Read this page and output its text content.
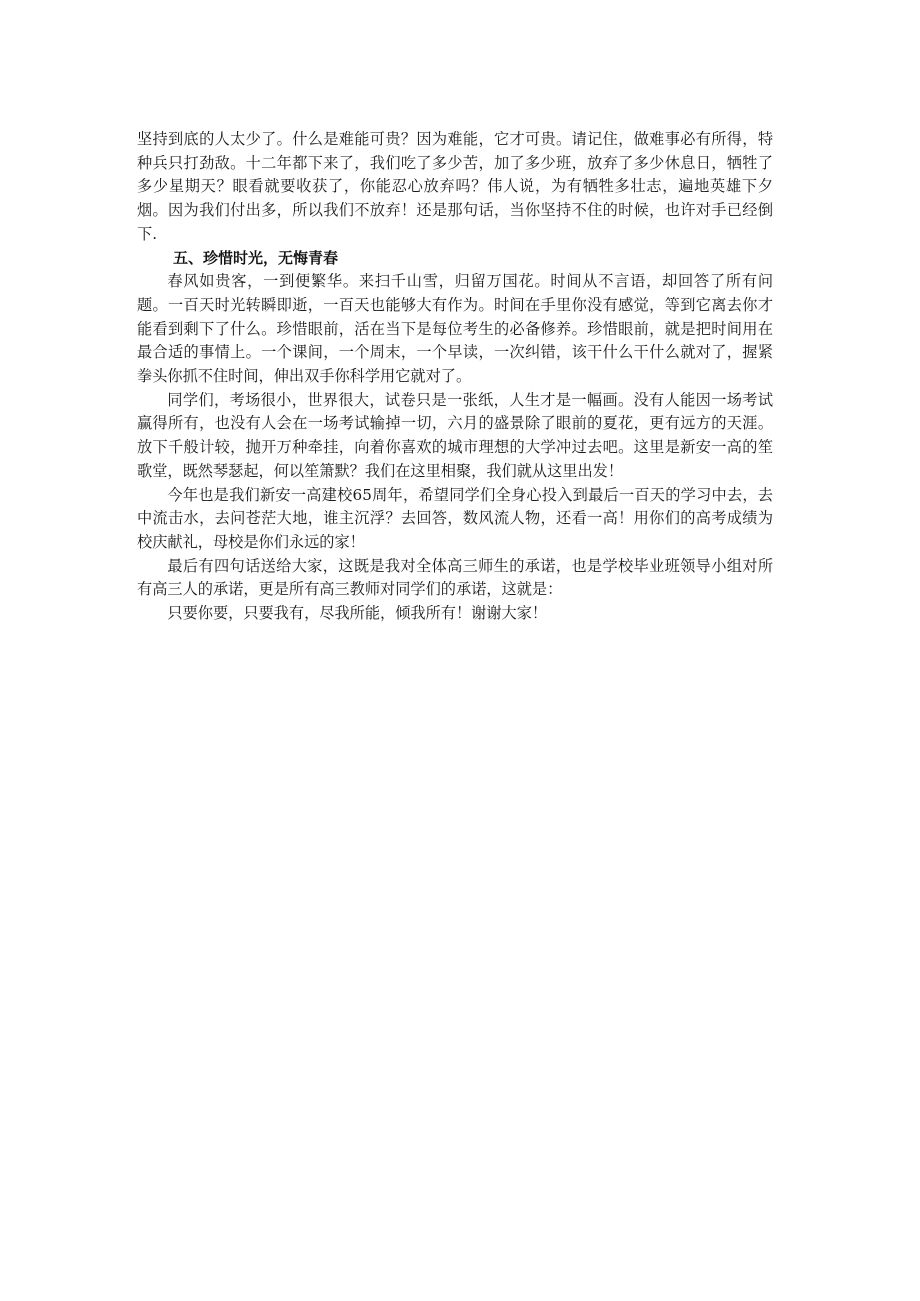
坚持到底的人太少了。什么是难能可贵？因为难能，它才可贵。请记住，做难事必有所得，特种兵只打劲敌。十二年都下来了，我们吃了多少苦，加了多少班，放弃了多少休息日，牺牲了多少星期天？眼看就要收获了，你能忍心放弃吗？伟人说，为有牺牲多壮志，遍地英雄下夕烟。因为我们付出多，所以我们不放弃！还是那句话，当你坚持不住的时候，也许对手已经倒下.

五、珍惜时光，无悔青春

春风如贵客，一到便繁华。来扫千山雪，归留万国花。时间从不言语，却回答了所有问题。一百天时光转瞬即逝，一百天也能够大有作为。时间在手里你没有感觉，等到它离去你才能看到剩下了什么。珍惜眼前，活在当下是每位考生的必备修养。珍惜眼前，就是把时间用在最合适的事情上。一个课间，一个周末，一个早读，一次纠错，该干什么干什么就对了，握紧拳头你抓不住时间，伸出双手你科学用它就对了。

同学们，考场很小，世界很大，试卷只是一张纸，人生才是一幅画。没有人能因一场考试赢得所有，也没有人会在一场考试输掉一切，六月的盛景除了眼前的夏花，更有远方的天涯。放下千般计较，抛开万种牵挂，向着你喜欢的城市理想的大学冲过去吧。这里是新安一高的笙歌堂，既然琴瑟起，何以笙箫默？我们在这里相聚，我们就从这里出发！

今年也是我们新安一高建校65周年，希望同学们全身心投入到最后一百天的学习中去，去中流击水，去问苍茫大地，谁主沉浮？去回答，数风流人物，还看一高！用你们的高考成绩为校庆献礼，母校是你们永远的家！

最后有四句话送给大家，这既是我对全体高三师生的承诺，也是学校毕业班领导小组对所有高三人的承诺，更是所有高三教师对同学们的承诺，这就是：

只要你要，只要我有，尽我所能，倾我所有！谢谢大家！
